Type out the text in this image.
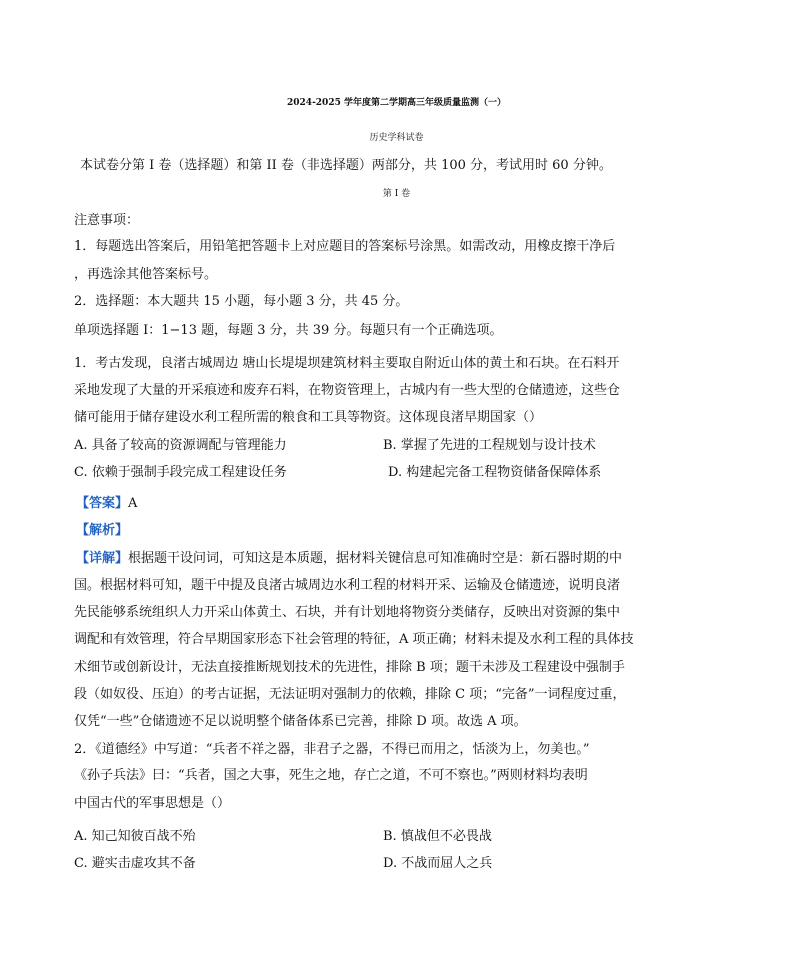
2024-2025 学年度第二学期高三年级质量监测（一）
历史学科试卷
本试卷分第 I 卷（选择题）和第 II 卷（非选择题）两部分，共 100 分，考试用时 60 分钟。
第 I 卷
注意事项：
1．每题选出答案后，用铅笔把答题卡上对应题目的答案标号涂黑。如需改动，用橡皮擦干净后
，再选涂其他答案标号。
2．选择题：本大题共 15 小题，每小题 3 分，共 45 分。
单项选择题 I：1−13 题，每题 3 分，共 39 分。每题只有一个正确选项。
1．考古发现，良渚古城周边 塘山长堤堤坝建筑材料主要取自附近山体的黄土和石块。在石料开
采地发现了大量的开采痕迹和废弃石料，在物资管理上，古城内有一些大型的仓储遗迹，这些仓
储可能用于储存建设水利工程所需的粮食和工具等物资。这体现良渚早期国家（）
A. 具备了较高的资源调配与管理能力	B. 掌握了先进的工程规划与设计技术
C. 依赖于强制手段完成工程建设任务	D. 构建起完备工程物资储备保障体系
【答案】A
【解析】
【详解】根据题干设问词，可知这是本质题，据材料关键信息可知准确时空是：新石器时期的中
国。根据材料可知，题干中提及良渚古城周边水利工程的材料开采、运输及仓储遗迹，说明良渚
先民能够系统组织人力开采山体黄土、石块，并有计划地将物资分类储存，反映出对资源的集中
调配和有效管理，符合早期国家形态下社会管理的特征，A 项正确；材料未提及水利工程的具体技
术细节或创新设计，无法直接推断规划技术的先进性，排除 B 项；题干未涉及工程建设中强制手
段（如奴役、压迫）的考古证据，无法证明对强制力的依赖，排除 C 项；“完备”一词程度过重，
仅凭“一些”仓储遗迹不足以说明整个储备体系已完善，排除 D 项。故选 A 项。
2．《道德经》中写道：“兵者不祥之器，非君子之器，不得已而用之，恬淡为上，勿美也。”
《孙子兵法》曰：“兵者，国之大事，死生之地，存亡之道，不可不察也。”两则材料均表明
中国古代的军事思想是（）
A. 知己知彼百战不殆	B. 慎战但不必畏战
C. 避实击虚攻其不备	D. 不战而屈人之兵
